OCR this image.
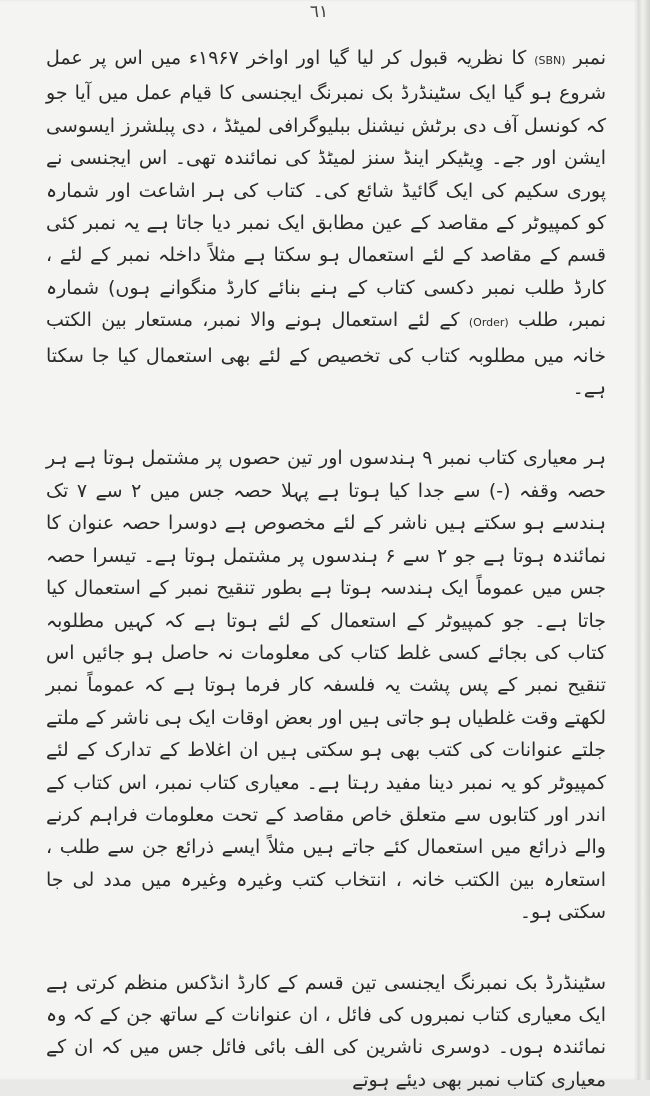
٦١

نمبر (SBN) کا نظریہ قبول کر لیا گیا اور اواخر ۱۹۶۷ء میں اس پر عمل شروع ہو گیا ایک سٹینڈرڈ بک نمبرنگ ایجنسی کا قیام عمل میں آیا جو کہ کونسل آف دی برٹش نیشنل ببلیوگرافی لمیٹڈ ، دی پبلشرز ایسوسی ایشن اور جے۔ وِیٹیکر اینڈ سنز لمیٹڈ کی نمائندہ تھی۔ اس ایجنسی نے پوری سکیم کی ایک گائیڈ شائع کی۔ کتاب کی ہر اشاعت اور شمارہ کو کمپیوٹر کے مقاصد کے عین مطابق ایک نمبر دیا جاتا ہے یہ نمبر کئی قسم کے مقاصد کے لئے استعمال ہو سکتا ہے مثلاً داخلہ نمبر کے لئے ، کارڈ طلب نمبر دکسی کتاب کے ہنے بنائے کارڈ منگوانے ہوں) شمارہ نمبر، طلب (Order) کے لئے استعمال ہونے والا نمبر، مستعار بین الکتب خانہ میں مطلوبہ کتاب کی تخصیص کے لئے بھی استعمال کیا جا سکتا ہے۔

ہر معیاری کتاب نمبر ۹ ہندسوں اور تین حصوں پر مشتمل ہوتا ہے ہر حصہ وقفہ (-) سے جدا کیا ہوتا ہے پہلا حصہ جس میں ۲ سے ۷ تک ہندسے ہو سکتے ہیں ناشر کے لئے مخصوص ہے دوسرا حصہ عنوان کا نمائندہ ہوتا ہے جو ۲ سے ۶ ہندسوں پر مشتمل ہوتا ہے۔ تیسرا حصہ جس میں عموماً ایک ہندسہ ہوتا ہے بطور تنقیح نمبر کے استعمال کیا جاتا ہے۔ جو کمپیوٹر کے استعمال کے لئے ہوتا ہے کہ کہیں مطلوبہ کتاب کی بجائے کسی غلط کتاب کی معلومات نہ حاصل ہو جائیں اس تنقیح نمبر کے پس پشت یہ فلسفہ کار فرما ہوتا ہے کہ عموماً نمبر لکھتے وقت غلطیاں ہو جاتی ہیں اور بعض اوقات ایک ہی ناشر کے ملتے جلتے عنوانات کی کتب بھی ہو سکتی ہیں ان اغلاط کے تدارک کے لئے کمپیوٹر کو یہ نمبر دینا مفید رہتا ہے۔ معیاری کتاب نمبر، اس کتاب کے اندر اور کتابوں سے متعلق خاص مقاصد کے تحت معلومات فراہم کرنے والے ذرائع میں استعمال کئے جاتے ہیں مثلاً ایسے ذرائع جن سے طلب ، استعارہ بین الکتب خانہ ، انتخاب کتب وغیرہ وغیرہ میں مدد لی جا سکتی ہو۔

سٹینڈرڈ بک نمبرنگ ایجنسی تین قسم کے کارڈ انڈکس منظم کرتی ہے ایک معیاری کتاب نمبروں کی فائل ، ان عنوانات کے ساتھ جن کے کہ وہ نمائندہ ہوں۔ دوسری ناشرین کی الف بائی فائل جس میں کہ ان کے معیاری کتاب نمبر بھی دیئے ہوتے
